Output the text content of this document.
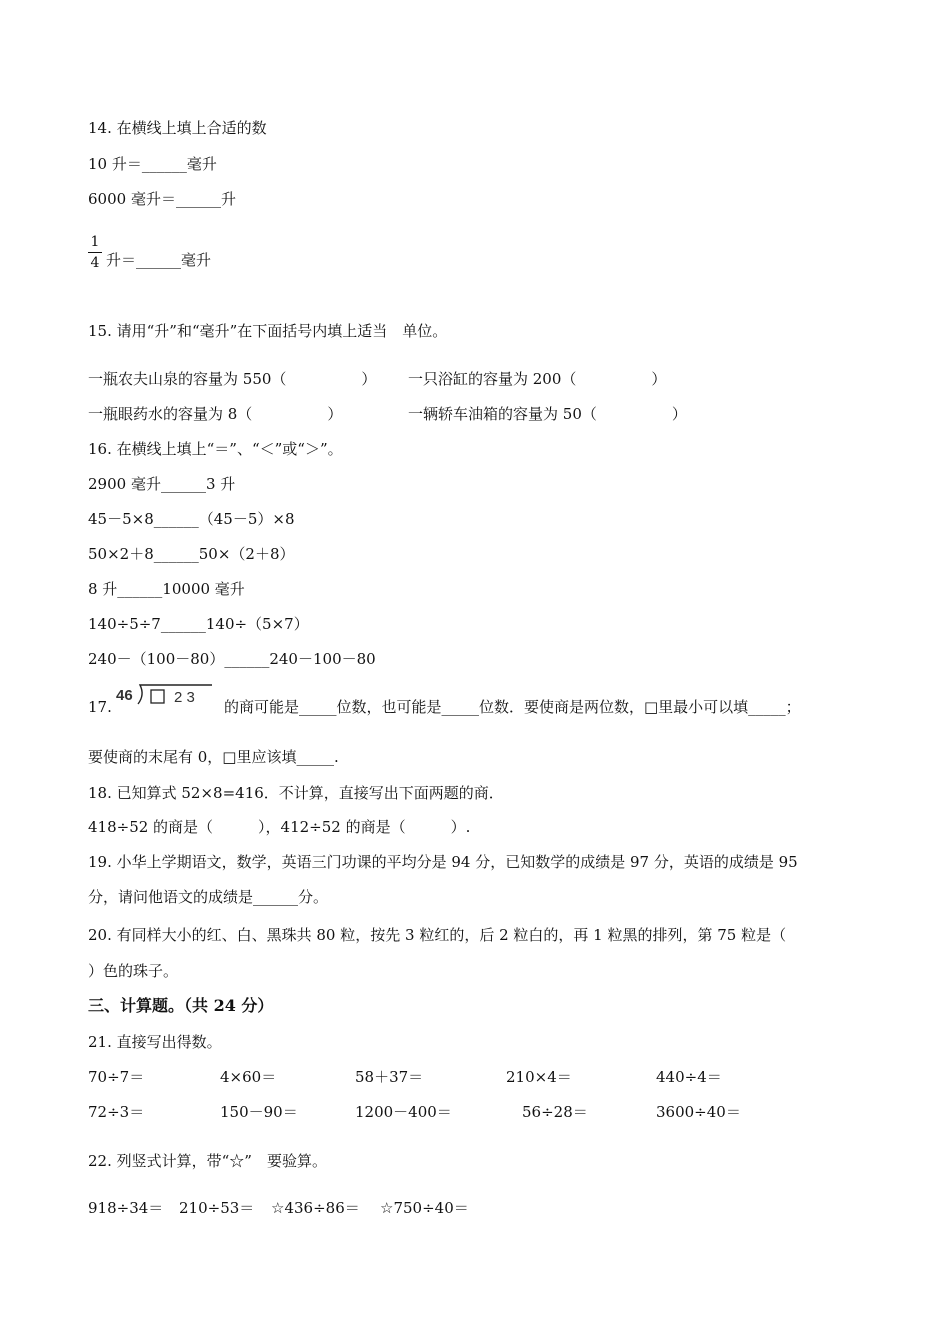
14. 在横线上填上合适的数
10 升＝______毫升
6000 毫升＝______升
1
4 升＝______毫升
15. 请用“升”和“毫升”在下面括号内填上适当　单位。
一瓶农夫山泉的容量为 550（　　　　　） 一只浴缸的容量为 200（　　　　　）
一瓶眼药水的容量为 8（　　　　　）	一辆轿车油箱的容量为 50（　　　　　）
16. 在横线上填上“＝”、“＜”或“＞”。
2900 毫升______3 升
45－5×8______（45－5）×8
50×2＋8______50×（2＋8）
8 升______10000 毫升
140÷5÷7______140÷（5×7）
240－（100－80）______240－100－80
17.
46	2 3
的商可能是_____位数，也可能是_____位数．要使商是两位数，□里最小可以填_____；
要使商的末尾有 0，□里应该填_____.
18. 已知算式 52×8=416．不计算，直接写出下面两题的商．
418÷52 的商是（　　　），412÷52 的商是（　　　）.
19. 小华上学期语文，数学，英语三门功课的平均分是 94 分，已知数学的成绩是 97 分，英语的成绩是 95
分，请问他语文的成绩是______分。
20. 有同样大小的红、白、黑珠共 80 粒，按先 3 粒红的，后 2 粒白的，再 1 粒黑的排列，第 75 粒是（
）色的珠子。
三、计算题。（共 24 分）
21. 直接写出得数。
70÷7＝	4×60＝	58＋37＝	210×4＝	440÷4＝
72÷3＝	150－90＝	1200－400＝	56÷28＝	3600÷40＝
22. 列竖式计算，带“☆”　要验算。
918÷34＝ 210÷53＝ ☆436÷86＝ ☆750÷40＝
